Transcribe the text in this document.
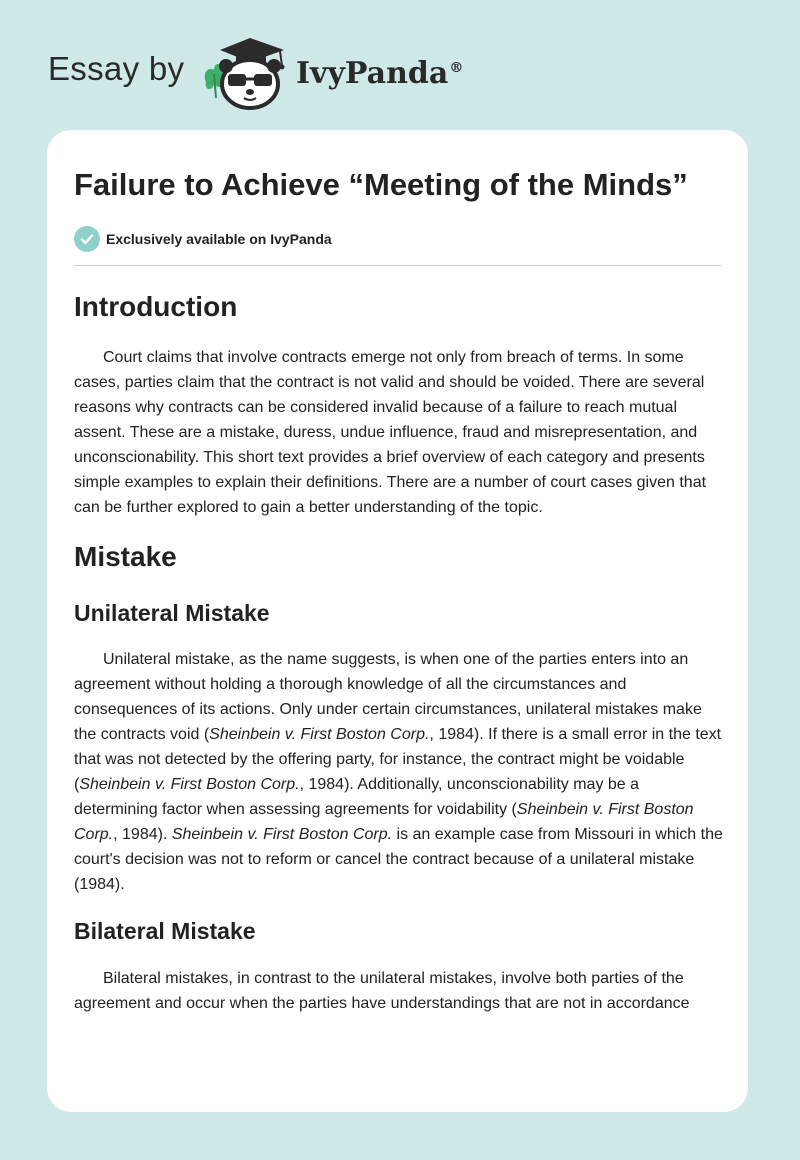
Essay by	IvyPanda®
Failure to Achieve “Meeting of the Minds”
Exclusively available on IvyPanda
Introduction

Court claims that involve contracts emerge not only from breach of terms. In some cases, parties claim that the contract is not valid and should be voided. There are several reasons why contracts can be considered invalid because of a failure to reach mutual assent. These are a mistake, duress, undue influence, fraud and misrepresentation, and unconscionability. This short text provides a brief overview of each category and presents simple examples to explain their definitions. There are a number of court cases given that can be further explored to gain a better understanding of the topic.

Mistake
Unilateral Mistake

Unilateral mistake, as the name suggests, is when one of the parties enters into an agreement without holding a thorough knowledge of all the circumstances and consequences of its actions. Only under certain circumstances, unilateral mistakes make the contracts void (Sheinbein v. First Boston Corp., 1984). If there is a small error in the text that was not detected by the offering party, for instance, the contract might be voidable (Sheinbein v. First Boston Corp., 1984). Additionally, unconscionability may be a determining factor when assessing agreements for voidability (Sheinbein v. First Boston Corp., 1984). Sheinbein v. First Boston Corp. is an example case from Missouri in which the court's decision was not to reform or cancel the contract because of a unilateral mistake (1984).

Bilateral Mistake

Bilateral mistakes, in contrast to the unilateral mistakes, involve both parties of the agreement and occur when the parties have understandings that are not in accordance
